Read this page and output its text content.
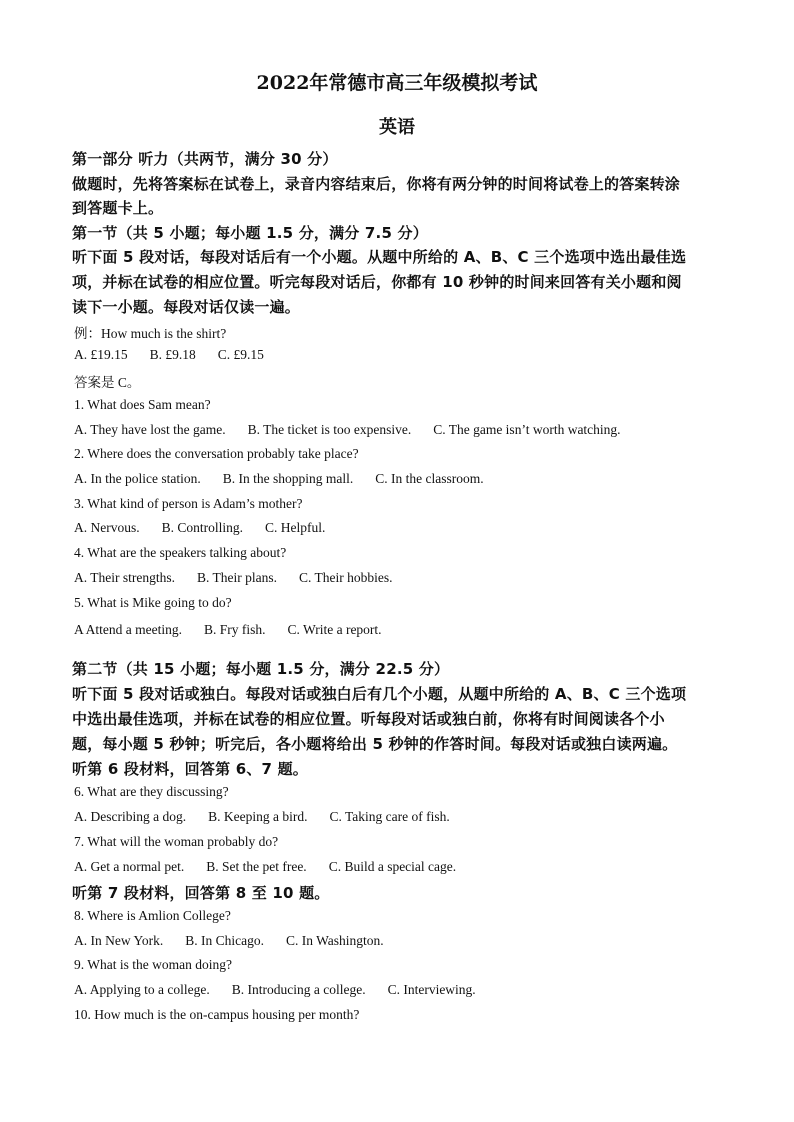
2022年常德市高三年级模拟考试
英语
第一部分 听力（共两节，满分 30 分）
做题时，先将答案标在试卷上，录音内容结束后，你将有两分钟的时间将试卷上的答案转涂
到答题卡上。
第一节（共 5 小题；每小题 1.5 分，满分 7.5 分）
听下面 5 段对话，每段对话后有一个小题。从题中所给的 A、B、C 三个选项中选出最佳选
项，并标在试卷的相应位置。听完每段对话后，你都有 10 秒钟的时间来回答有关小题和阅
读下一小题。每段对话仅读一遍。
例：How much is the shirt?
A. £19.15 B. £9.18 C. £9.15
答案是 C。
1. What does Sam mean?
A. They have lost the game. B. The ticket is too expensive. C. The game isn’t worth watching.
2. Where does the conversation probably take place?
A. In the police station. B. In the shopping mall. C. In the classroom.
3. What kind of person is Adam’s mother?
A. Nervous. B. Controlling. C. Helpful.
4. What are the speakers talking about?
A. Their strengths. B. Their plans. C. Their hobbies.
5. What is Mike going to do?
A Attend a meeting. B. Fry fish. C. Write a report.
第二节（共 15 小题；每小题 1.5 分，满分 22.5 分）
听下面 5 段对话或独白。每段对话或独白后有几个小题，从题中所给的 A、B、C 三个选项
中选出最佳选项，并标在试卷的相应位置。听每段对话或独白前，你将有时间阅读各个小
题，每小题 5 秒钟；听完后，各小题将给出 5 秒钟的作答时间。每段对话或独白读两遍。
听第 6 段材料，回答第 6、7 题。
6. What are they discussing?
A. Describing a dog. B. Keeping a bird. C. Taking care of fish.
7. What will the woman probably do?
A. Get a normal pet. B. Set the pet free. C. Build a special cage.
听第 7 段材料，回答第 8 至 10 题。
8. Where is Amlion College?
A. In New York. B. In Chicago. C. In Washington.
9. What is the woman doing?
A. Applying to a college. B. Introducing a college. C. Interviewing.
10. How much is the on-campus housing per month?
